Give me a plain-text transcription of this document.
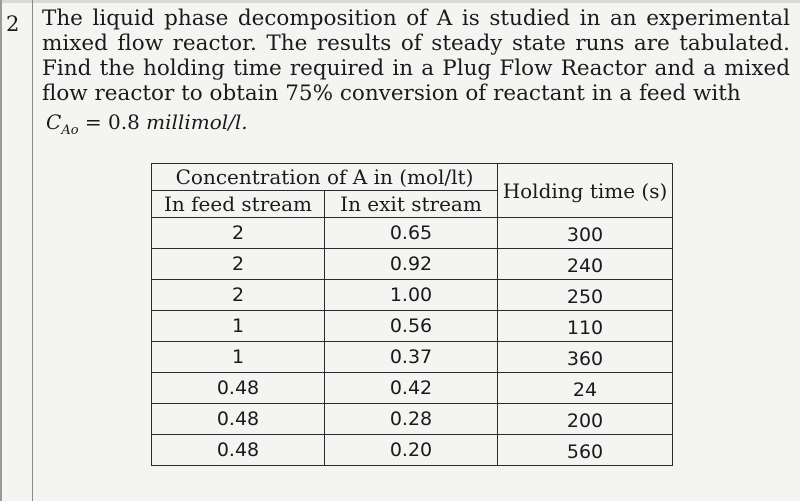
2 The liquid phase decomposition of A is studied in an experimental mixed flow reactor. The results of steady state runs are tabulated. Find the holding time required in a Plug Flow Reactor and a mixed flow reactor to obtain 75% conversion of reactant in a feed with
$C_{Ao} = 0.8$ millimol/l.
Concentration of A in (mol/lt)		Holding time (s)
In feed stream	In exit stream	
2	0.65	300
2	0.92	240
2	1.00	250
1	0.56	110
1	0.37	360
0.48	0.42	24
0.48	0.28	200
0.48	0.20	560
